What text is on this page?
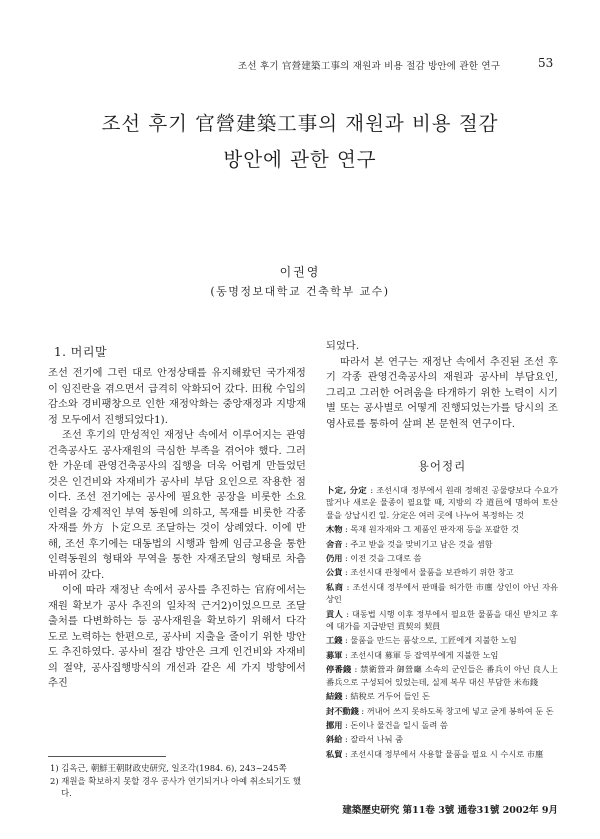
조선 후기 官營建築工事의 재원과 비용 절감 방안에 관한 연구	53
조선 후기 官營建築工事의 재원과 비용 절감
방안에 관한 연구
이권영
(동명정보대학교 건축학부 교수)
1. 머리말

조선 전기에 그런 대로 안정상태를 유지해왔던 국가재정이 임진란을 겪으면서 급격히 악화되어 갔다. 田稅 수입의 감소와 경비팽창으로 인한 재정악화는 중앙재정과 지방재정 모두에서 진행되었다1).

조선 후기의 만성적인 재정난 속에서 이루어지는 관영건축공사도 공사재원의 극심한 부족을 겪어야 했다. 그러한 가운데 관영건축공사의 집행을 더욱 어렵게 만들었던 것은 인건비와 자재비가 공사비 부담 요인으로 작용한 점이다. 조선 전기에는 공사에 필요한 공장을 비롯한 소요 인력을 강제적인 부역 동원에 의하고, 목재를 비롯한 각종 자재를 外方 卜定으로 조달하는 것이 상례였다. 이에 반해, 조선 후기에는 대동법의 시행과 함께 임금고용을 통한 인력동원의 형태와 무역을 통한 자재조달의 형태로 차츰 바뀌어 갔다.

이에 따라 재정난 속에서 공사를 추진하는 官府에서는 재원 확보가 공사 추진의 일차적 근거2)이었으므로 조달출처를 다변화하는 등 공사재원을 확보하기 위해서 다각도로 노력하는 한편으로, 공사비 지출을 줄이기 위한 방안도 추진하였다. 공사비 절감 방안은 크게 인건비와 자재비의 절약, 공사집행방식의 개선과 같은 세 가지 방향에서 추진

1) 김옥근, 朝鮮王朝財政史研究, 일조각(1984. 6), 243~245쪽

2) 재원을 확보하지 못할 경우 공사가 연기되거나 아예 취소되기도 했다.

되었다.

따라서 본 연구는 재정난 속에서 추진된 조선 후기 각종 관영건축공사의 재원과 공사비 부담요인, 그리고 그러한 어려움을 타개하기 위한 노력이 시기별 또는 공사별로 어떻게 진행되었는가를 당시의 조영사료를 통하여 살펴 본 문헌적 연구이다.

용어정리

卜定, 分定 : 조선시대 정부에서 원래 정해진 공물량보다 수요가 많거나 새로운 물종이 필요할 때, 지방의 각 道邑에 명하여 토산물을 상납시킨 일. 分定은 여러 곳에 나누어 복정하는 것

木物 : 목재 원자재와 그 제품인 판자재 등을 포괄한 것

舍音 : 주고 받을 것을 맞비기고 남은 것을 셈함

仍用 : 이전 것을 그대로 씀

公貨 : 조선시대 관청에서 물품을 보관하기 위한 창고

私商 : 조선시대 정부에서 판매를 허가한 市廛 상인이 아닌 자유 상인

貢人 : 대동법 시행 이후 정부에서 필요한 물품을 대신 받치고 후에 대가를 지급받던 貢契의 契員

工錢 : 물품을 만드는 품삯으로, 工匠에게 지불한 노임

募軍 : 조선시대 募軍 등 잡역부에게 지불한 노임

停番錢 : 禁衛營과 御營廳 소속의 군인들은 番兵이 아닌 良人上番兵으로 구성되어 있었는데, 실제 복무 대신 부담한 米布錢

結錢 : 結稅로 거두어 들인 돈

封不動錢 : 꺼내어 쓰지 못하도록 창고에 넣고 굳게 봉하여 둔 돈

挪用 : 돈이나 물건을 일시 돌려 씀

斜給 : 잘라서 나눠 줌

私貿 : 조선시대 정부에서 사용할 물품을 필요 시 수시로 市廛

建築歷史研究 第11卷 3號 通卷31號 2002年 9月
